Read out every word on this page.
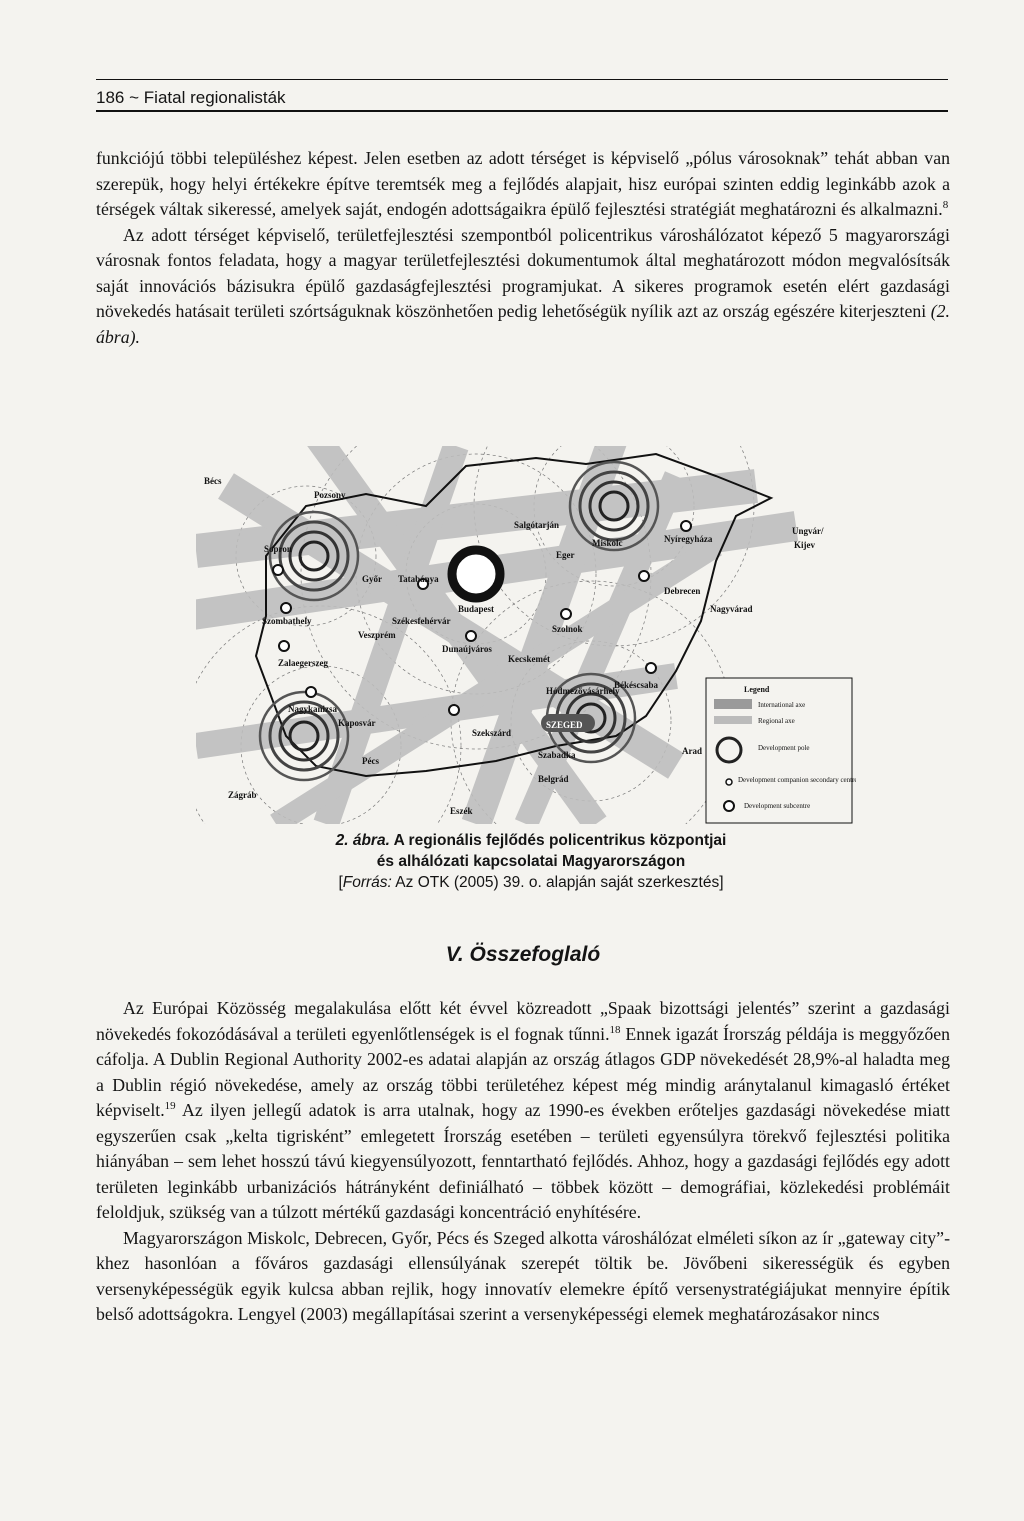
186 ~ Fiatal regionalisták

funkciójú többi településhez képest. Jelen esetben az adott térséget is képviselő „pólus városoknak” tehát abban van szerepük, hogy helyi értékekre építve teremtsék meg a fejlődés alapjait, hisz európai szinten eddig leginkább azok a térségek váltak sikeressé, amelyek saját, endogén adottságaikra épülő fejlesztési stratégiát meghatározni és alkalmazni.$^8$

Az adott térséget képviselő, területfejlesztési szempontból policentrikus városhálózatot képező 5 magyarországi városnak fontos feladata, hogy a magyar területfejlesztési dokumentumok által meghatározott módon megvalósítsák saját innovációs bázisukra épülő gazdaságfejlesztési programjukat. A sikeres programok esetén elért gazdasági növekedés hatásait területi szórtságuknak köszönhetően pedig lehetőségük nyílik azt az ország egészére kiterjeszteni (2. ábra).

Bécs
Pozsony
Sopron
Győr Tatabánya
Szombathely
Veszprém
Székesfehérvár
Budapest
Zalaegerszeg
Dunaújváros
Kecskemét
Szolnok
Salgótarján
Eger
Miskolc	Nyíregyháza
Debrecen
Nagyvárad
Ungvár/
Kijev
Békéscsaba
Hódmezővásárhely
SZEGED
Nagykanizsa
Kaposvár
Szekszárd
Szabadka
Belgrád
Arad
Pécs
Zágráb
Eszék
Legend
International axe
Regional axe
Development pole
Development companion secondary centre
Development subcentre
2. ábra. A regionális fejlődés policentrikus központjai
és alhálózati kapcsolatai Magyarországon
[Forrás: Az OTK (2005) 39. o. alapján saját szerkesztés]
V. Összefoglaló

Az Európai Közösség megalakulása előtt két évvel közreadott „Spaak bizottsági jelentés” szerint a gazdasági növekedés fokozódásával a területi egyenlőtlenségek is el fognak tűnni.$^{18}$ Ennek igazát Írország példája is meggyőzően cáfolja. A Dublin Regional Authority 2002-es adatai alapján az ország átlagos GDP növekedését 28,9%-al haladta meg a Dublin régió növekedése, amely az ország többi területéhez képest még mindig aránytalanul kimagasló értéket képviselt.$^{19}$ Az ilyen jellegű adatok is arra utalnak, hogy az 1990-es években erőteljes gazdasági növekedése miatt egyszerűen csak „kelta tigrisként” emlegetett Írország esetében – területi egyensúlyra törekvő fejlesztési politika hiányában – sem lehet hosszú távú kiegyensúlyozott, fenntartható fejlődés. Ahhoz, hogy a gazdasági fejlődés egy adott területen leginkább urbanizációs hátrányként definiálható – többek között – demográfiai, közlekedési problémáit feloldjuk, szükség van a túlzott mértékű gazdasági koncentráció enyhítésére.

Magyarországon Miskolc, Debrecen, Győr, Pécs és Szeged alkotta városhálózat elméleti síkon az ír „gateway city”-khez hasonlóan a főváros gazdasági ellensúlyának szerepét töltik be. Jövőbeni sikerességük és egyben versenyképességük egyik kulcsa abban rejlik, hogy innovatív elemekre építő versenystratégiájukat mennyire építik belső adottságokra. Lengyel (2003) megállapításai szerint a versenyképességi elemek meghatározásakor nincs
